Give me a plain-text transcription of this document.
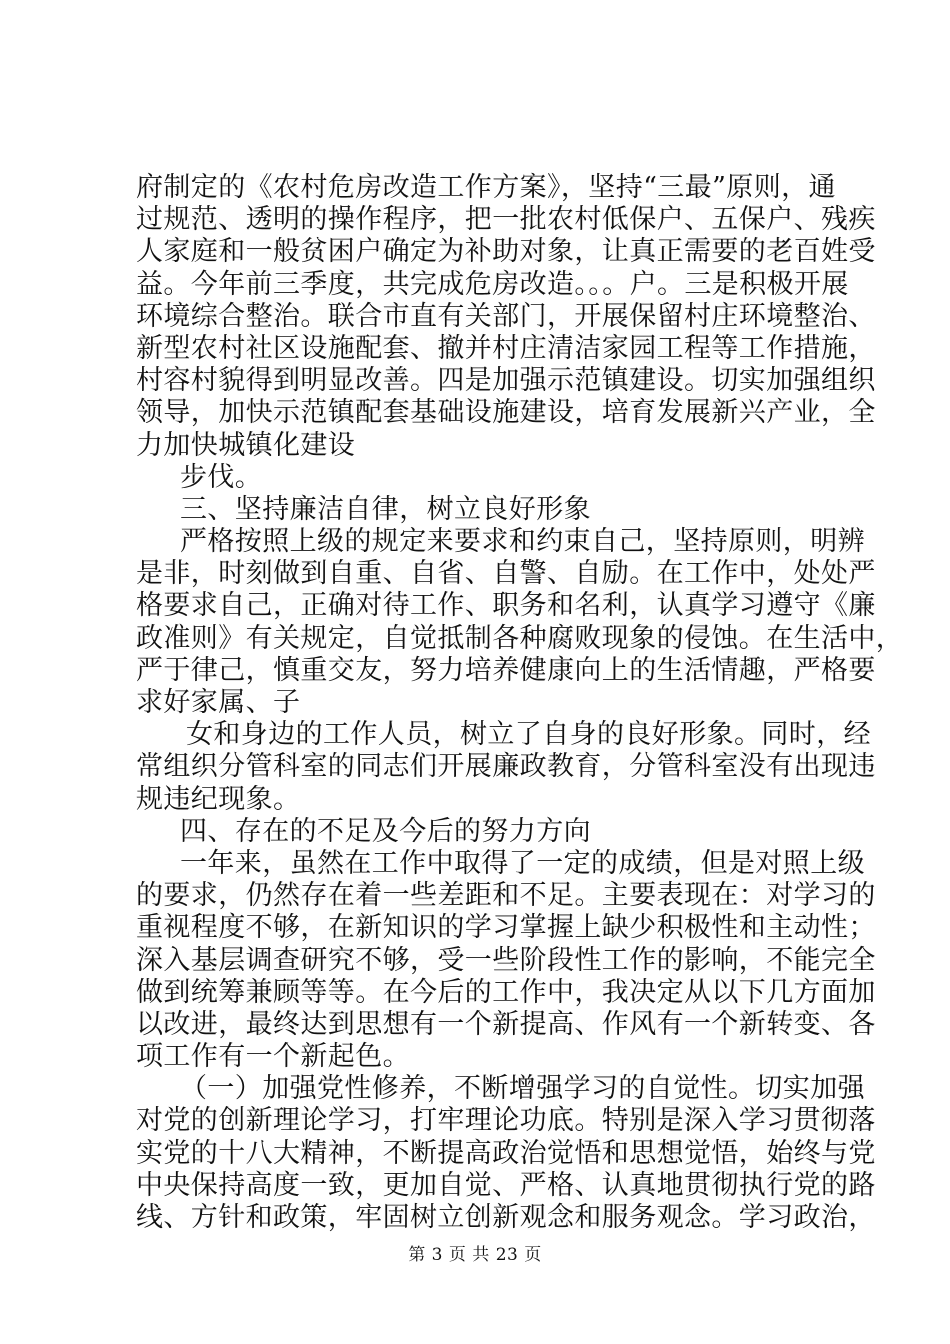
府制定的《农村危房改造工作方案》，坚持“三最”原则，通
过规范、透明的操作程序，把一批农村低保户、五保户、残疾
人家庭和一般贫困户确定为补助对象，让真正需要的老百姓受
益。今年前三季度，共完成危房改造。。。户。三是积极开展
环境综合整治。联合市直有关部门，开展保留村庄环境整治、
新型农村社区设施配套、撤并村庄清洁家园工程等工作措施，
村容村貌得到明显改善。四是加强示范镇建设。切实加强组织
领导，加快示范镇配套基础设施建设，培育发展新兴产业，全
力加快城镇化建设
步伐。
三、坚持廉洁自律，树立良好形象
严格按照上级的规定来要求和约束自己，坚持原则，明辨
是非，时刻做到自重、自省、自警、自励。在工作中，处处严
格要求自己，正确对待工作、职务和名利，认真学习遵守《廉
政准则》有关规定，自觉抵制各种腐败现象的侵蚀。在生活中，
严于律己，慎重交友，努力培养健康向上的生活情趣，严格要
求好家属、子
女和身边的工作人员，树立了自身的良好形象。同时，经
常组织分管科室的同志们开展廉政教育，分管科室没有出现违
规违纪现象。
四、存在的不足及今后的努力方向
一年来，虽然在工作中取得了一定的成绩，但是对照上级
的要求，仍然存在着一些差距和不足。主要表现在：对学习的
重视程度不够，在新知识的学习掌握上缺少积极性和主动性；
深入基层调查研究不够，受一些阶段性工作的影响，不能完全
做到统筹兼顾等等。在今后的工作中，我决定从以下几方面加
以改进，最终达到思想有一个新提高、作风有一个新转变、各
项工作有一个新起色。
（一）加强党性修养，不断增强学习的自觉性。切实加强
对党的创新理论学习，打牢理论功底。特别是深入学习贯彻落
实党的十八大精神，不断提高政治觉悟和思想觉悟，始终与党
中央保持高度一致，更加自觉、严格、认真地贯彻执行党的路
线、方针和政策，牢固树立创新观念和服务观念。学习政治，
第 3 页 共 23 页
